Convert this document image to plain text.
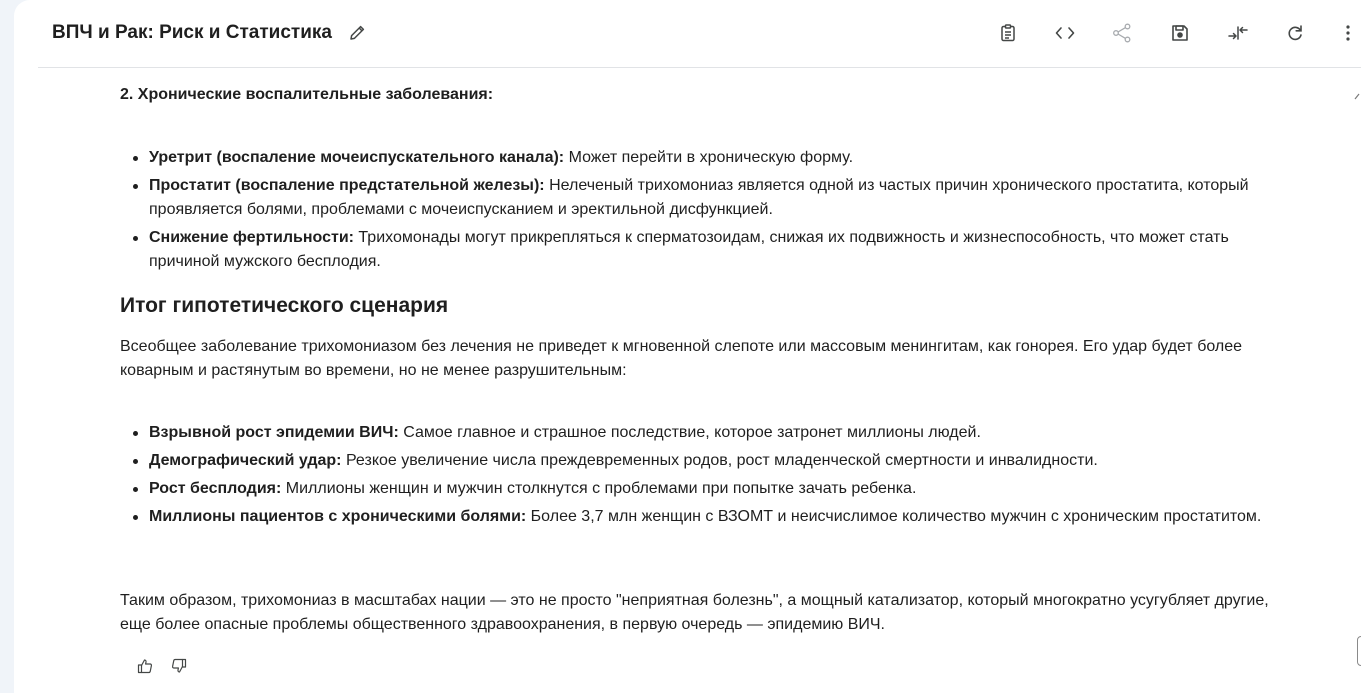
ВПЧ и Рак: Риск и Статистика
2. Хронические воспалительные заболевания:
Уретрит (воспаление мочеиспускательного канала): Может перейти в хроническую форму.
Простатит (воспаление предстательной железы): Нелеченый трихомониаз является одной из частых причин хронического простатита, который проявляется болями, проблемами с мочеиспусканием и эректильной дисфункцией.
Снижение фертильности: Трихомонады могут прикрепляться к сперматозоидам, снижая их подвижность и жизнеспособность, что может стать причиной мужского бесплодия.
Итог гипотетического сценария

Всеобщее заболевание трихомониазом без лечения не приведет к мгновенной слепоте или массовым менингитам, как гонорея. Его удар будет более коварным и растянутым во времени, но не менее разрушительным:

Взрывной рост эпидемии ВИЧ: Самое главное и страшное последствие, которое затронет миллионы людей.
Демографический удар: Резкое увеличение числа преждевременных родов, рост младенческой смертности и инвалидности.
Рост бесплодия: Миллионы женщин и мужчин столкнутся с проблемами при попытке зачать ребенка.
Миллионы пациентов с хроническими болями: Более 3,7 млн женщин с ВЗОМТ и неисчислимое количество мужчин с хроническим простатитом.

Таким образом, трихомониаз в масштабах нации — это не просто "неприятная болезнь", а мощный катализатор, который многократно усугубляет другие, еще более опасные проблемы общественного здравоохранения, в первую очередь — эпидемию ВИЧ.
